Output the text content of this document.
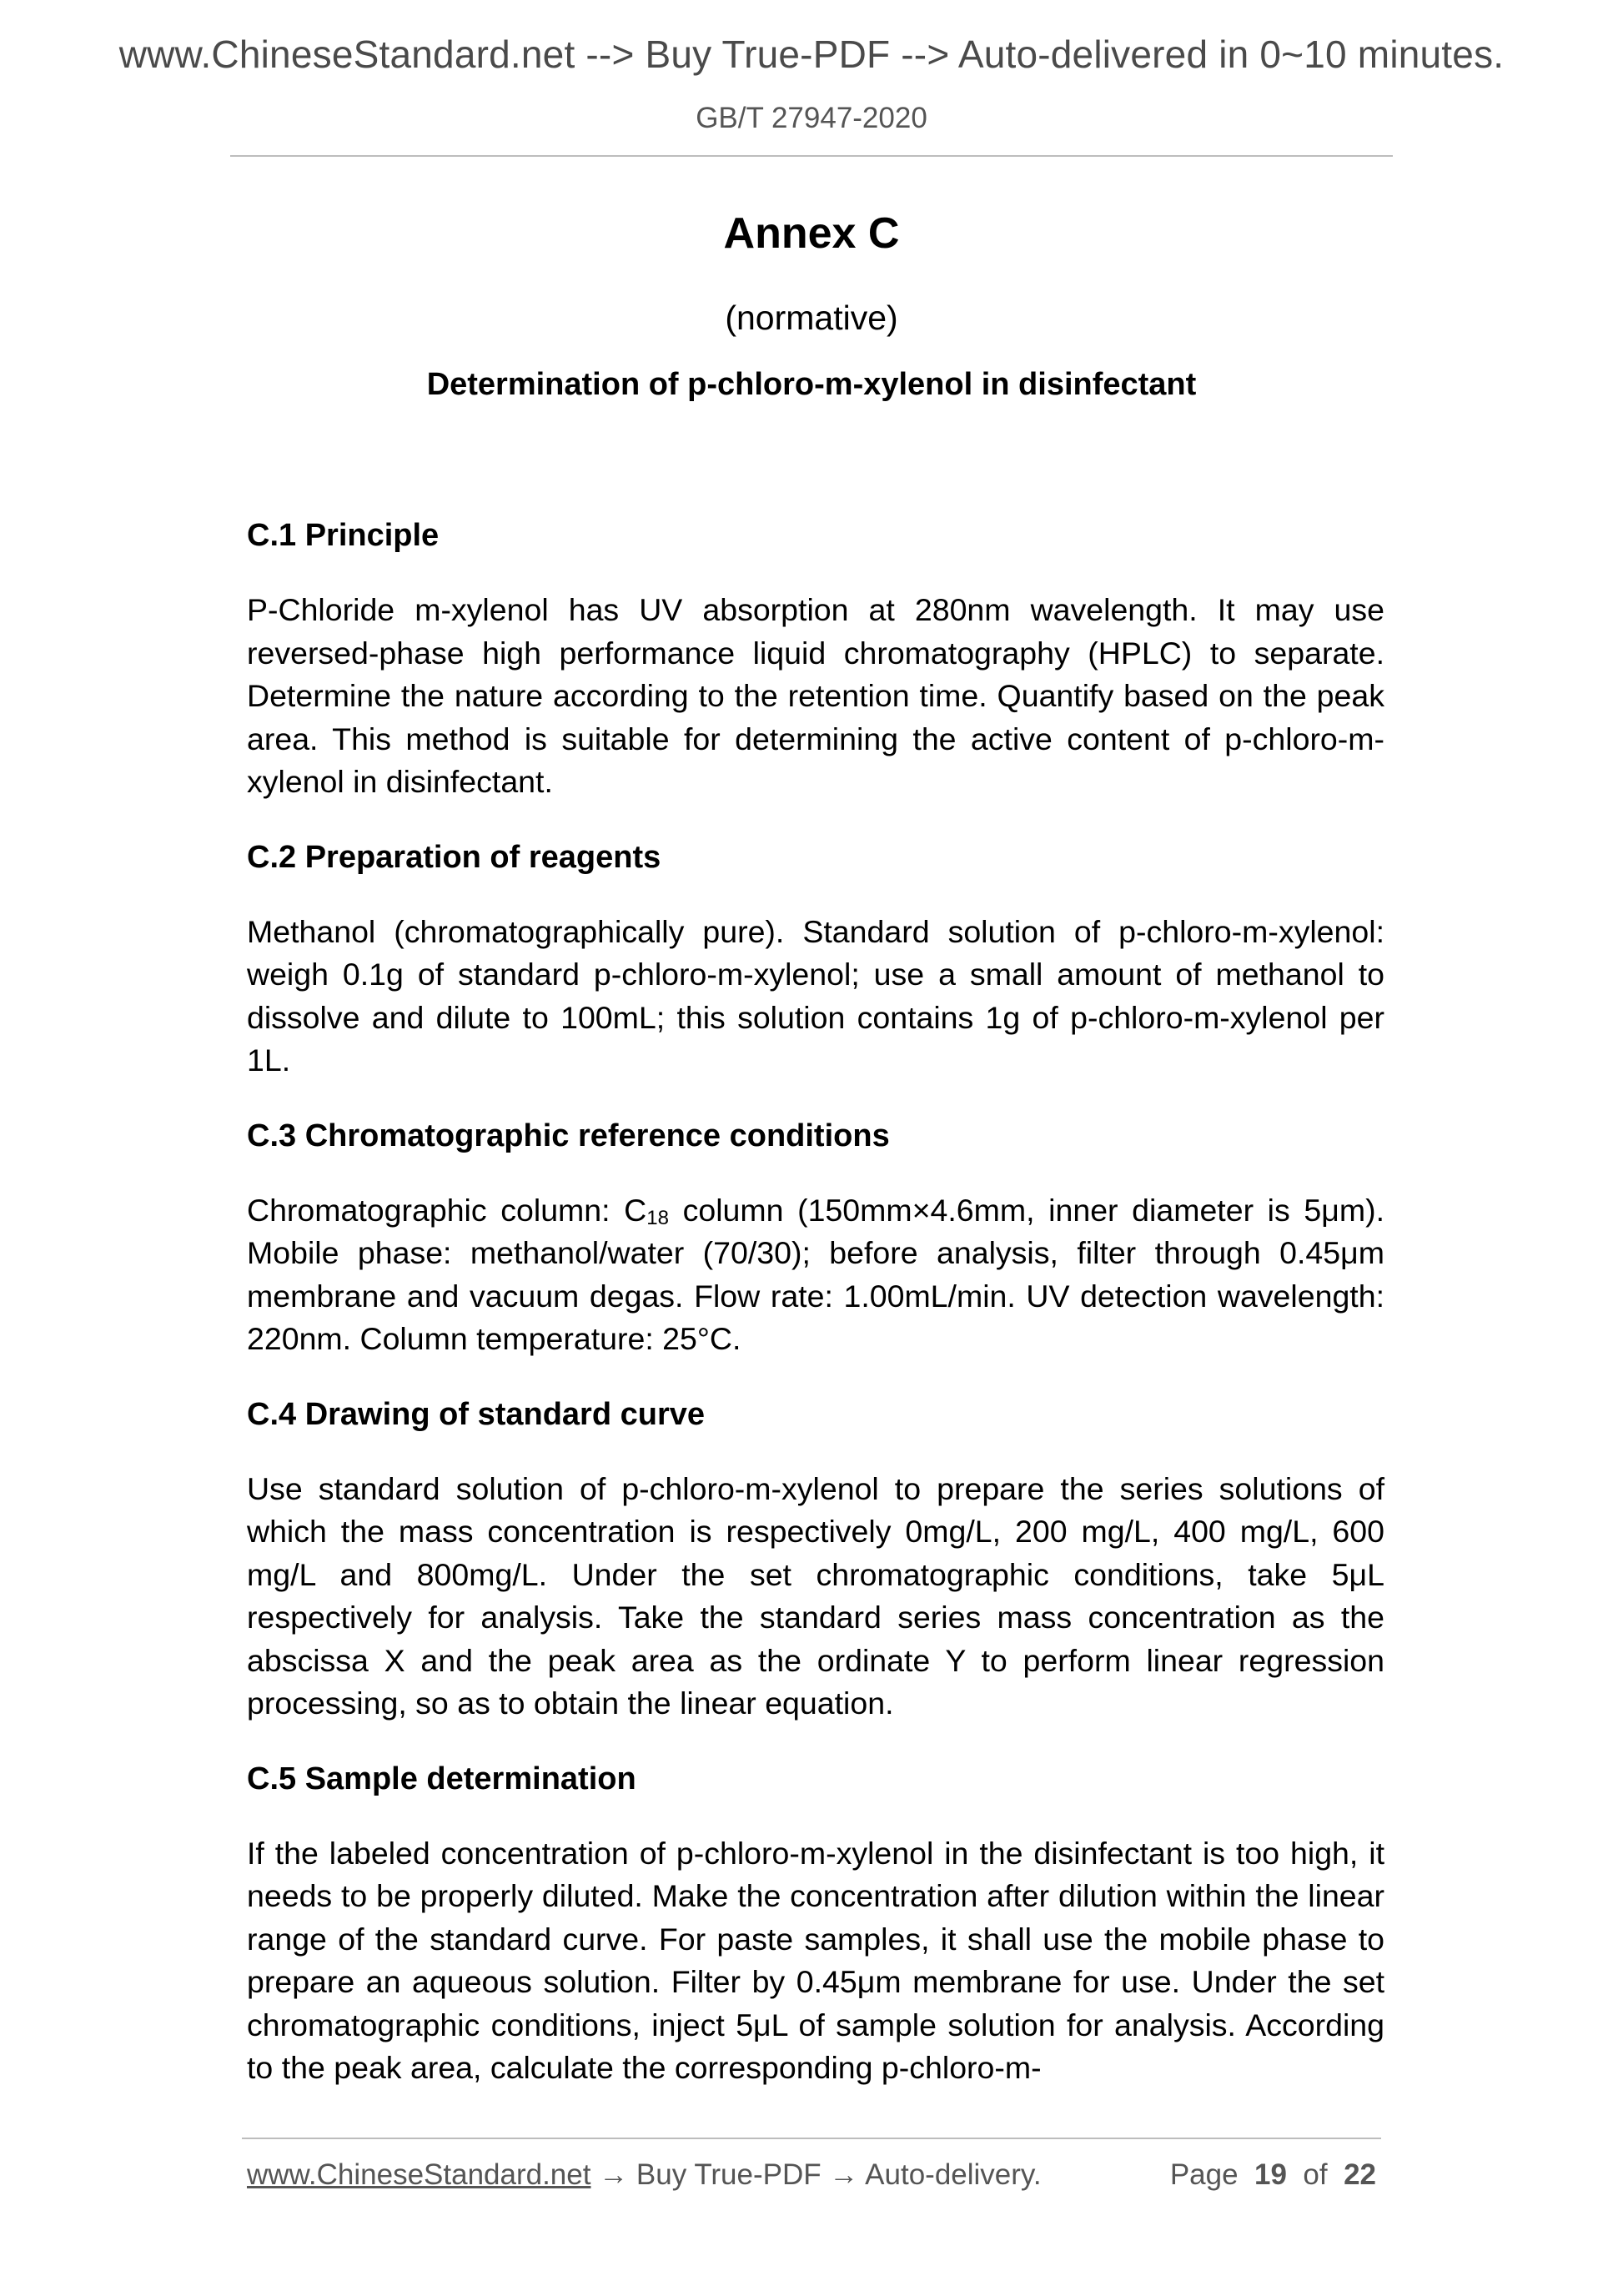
www.ChineseStandard.net --> Buy True-PDF --> Auto-delivered in 0~10 minutes.
GB/T 27947-2020
Annex C
(normative)
Determination of p-chloro-m-xylenol in disinfectant
C.1 Principle
P-Chloride m-xylenol has UV absorption at 280nm wavelength. It may use reversed-phase high performance liquid chromatography (HPLC) to separate. Determine the nature according to the retention time. Quantify based on the peak area. This method is suitable for determining the active content of p-chloro-m-xylenol in disinfectant.
C.2 Preparation of reagents
Methanol (chromatographically pure). Standard solution of p-chloro-m-xylenol: weigh 0.1g of standard p-chloro-m-xylenol; use a small amount of methanol to dissolve and dilute to 100mL; this solution contains 1g of p-chloro-m-xylenol per 1L.
C.3 Chromatographic reference conditions
Chromatographic column: $C_{18}$ column (150mm×4.6mm, inner diameter is 5μm). Mobile phase: methanol/water (70/30); before analysis, filter through 0.45μm membrane and vacuum degas. Flow rate: 1.00mL/min. UV detection wavelength: 220nm. Column temperature: 25°C.
C.4 Drawing of standard curve
Use standard solution of p-chloro-m-xylenol to prepare the series solutions of which the mass concentration is respectively 0mg/L, 200 mg/L, 400 mg/L, 600 mg/L and 800mg/L. Under the set chromatographic conditions, take 5μL respectively for analysis. Take the standard series mass concentration as the abscissa X and the peak area as the ordinate Y to perform linear regression processing, so as to obtain the linear equation.
C.5 Sample determination
If the labeled concentration of p-chloro-m-xylenol in the disinfectant is too high, it needs to be properly diluted. Make the concentration after dilution within the linear range of the standard curve. For paste samples, it shall use the mobile phase to prepare an aqueous solution. Filter by 0.45μm membrane for use. Under the set chromatographic conditions, inject 5μL of sample solution for analysis. According to the peak area, calculate the corresponding p-chloro-m-
www.ChineseStandard.net → Buy True-PDF → Auto-delivery.	Page 19 of 22
